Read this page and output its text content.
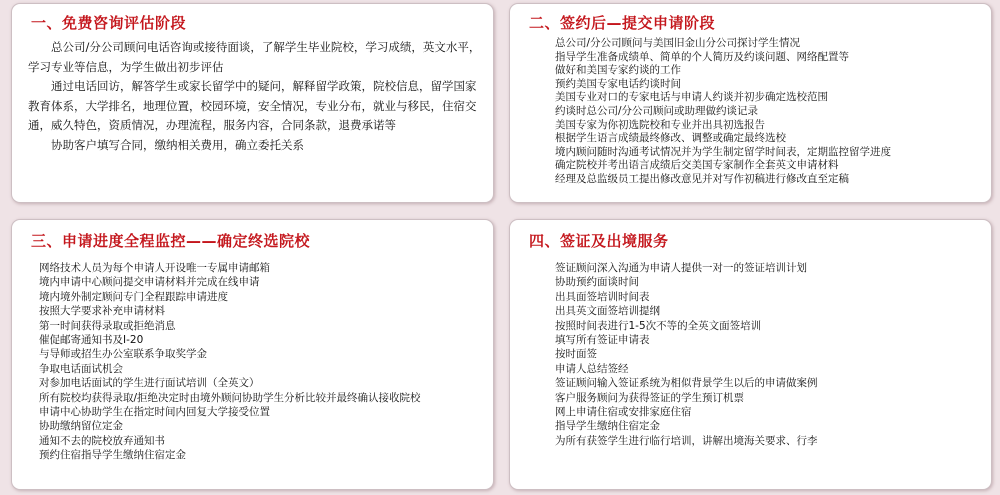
一、免费咨询评估阶段

总公司/分公司顾问电话咨询或接待面谈，了解学生毕业院校，学习成绩，英文水平，学习专业等信息，为学生做出初步评估

通过电话回访，解答学生或家长留学中的疑问，解释留学政策，院校信息，留学国家教育体系，大学排名，地理位置，校园环境，安全情况，专业分布，就业与移民，住宿交通，威久特色，资质情况，办理流程，服务内容，合同条款，退费承诺等

协助客户填写合同，缴纳相关费用，确立委托关系

二、签约后—提交申请阶段
总公司/分公司顾问与美国旧金山分公司探讨学生情况
指导学生准备成绩单、简单的个人简历及约谈问题、网络配置等
做好和美国专家约谈的工作
预约美国专家电话约谈时间
美国专业对口的专家电话与申请人约谈并初步确定选校范围
约谈时总公司/分公司顾问或助理做约谈记录
美国专家为你初选院校和专业并出具初选报告
根据学生语言成绩最终修改、调整或确定最终选校
境内顾问随时沟通考试情况并为学生制定留学时间表，定期监控留学进度
确定院校并考出语言成绩后交美国专家制作全套英文申请材料
经理及总监级员工提出修改意见并对写作初稿进行修改直至定稿
三、申请进度全程监控——确定终选院校
网络技术人员为每个申请人开设唯一专属申请邮箱
境内申请中心顾问提交申请材料并完成在线申请
境内境外制定顾问专门全程跟踪申请进度
按照大学要求补充申请材料
第一时间获得录取或拒绝消息
催促邮寄通知书及I-20
与导师或招生办公室联系争取奖学金
争取电话面试机会
对参加电话面试的学生进行面试培训（全英文）
所有院校均获得录取/拒绝决定时由境外顾问协助学生分析比较并最终确认接收院校
申请中心协助学生在指定时间内回复大学接受位置
协助缴纳留位定金
通知不去的院校放弃通知书
预约住宿指导学生缴纳住宿定金
四、签证及出境服务
签证顾问深入沟通为申请人提供一对一的签证培训计划
协助预约面谈时间
出具面签培训时间表
出具英文面签培训提纲
按照时间表进行1-5次不等的全英文面签培训
填写所有签证申请表
按时面签
申请人总结签经
签证顾问输入签证系统为相似背景学生以后的申请做案例
客户服务顾问为获得签证的学生预订机票
网上申请住宿或安排家庭住宿
指导学生缴纳住宿定金
为所有获签学生进行临行培训，讲解出境海关要求、行李
